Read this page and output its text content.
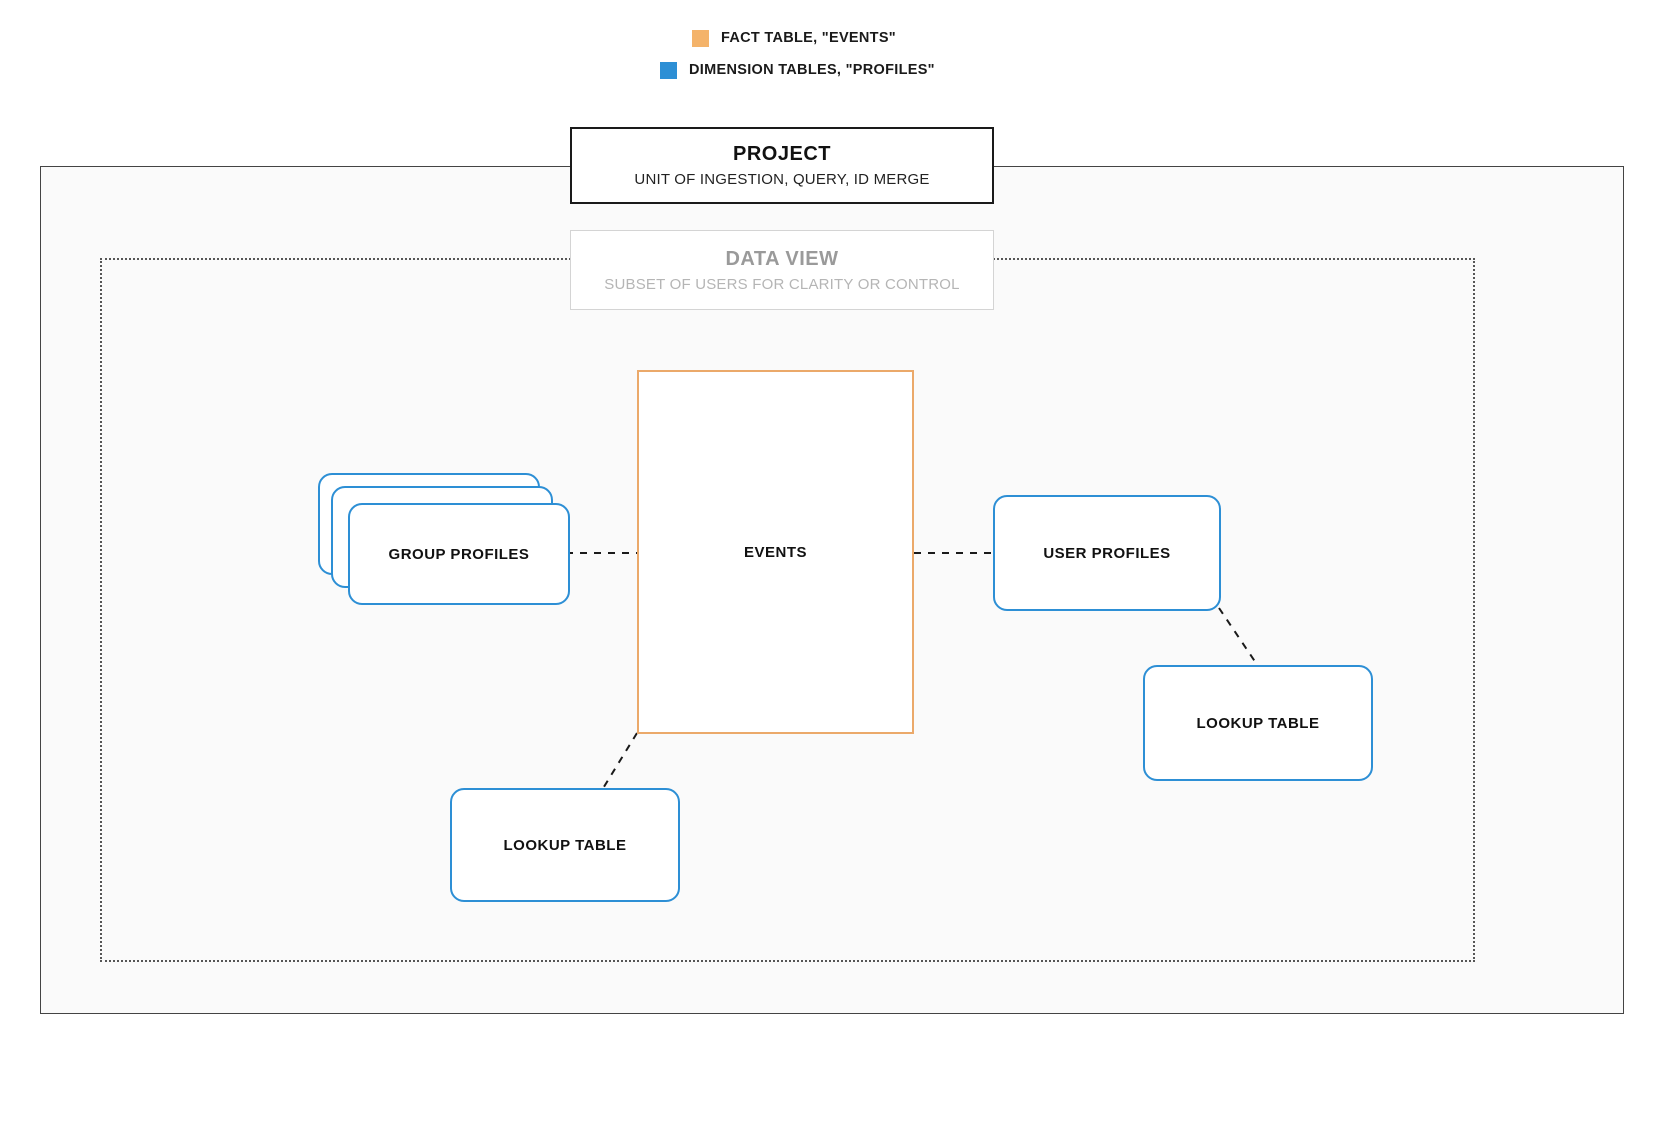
FACT TABLE, "EVENTS"
DIMENSION TABLES, "PROFILES"
PROJECT
UNIT OF INGESTION, QUERY, ID MERGE
DATA VIEW
SUBSET OF USERS FOR CLARITY OR CONTROL
EVENTS
GROUP PROFILES	USER PROFILES
LOOKUP TABLE
LOOKUP TABLE
